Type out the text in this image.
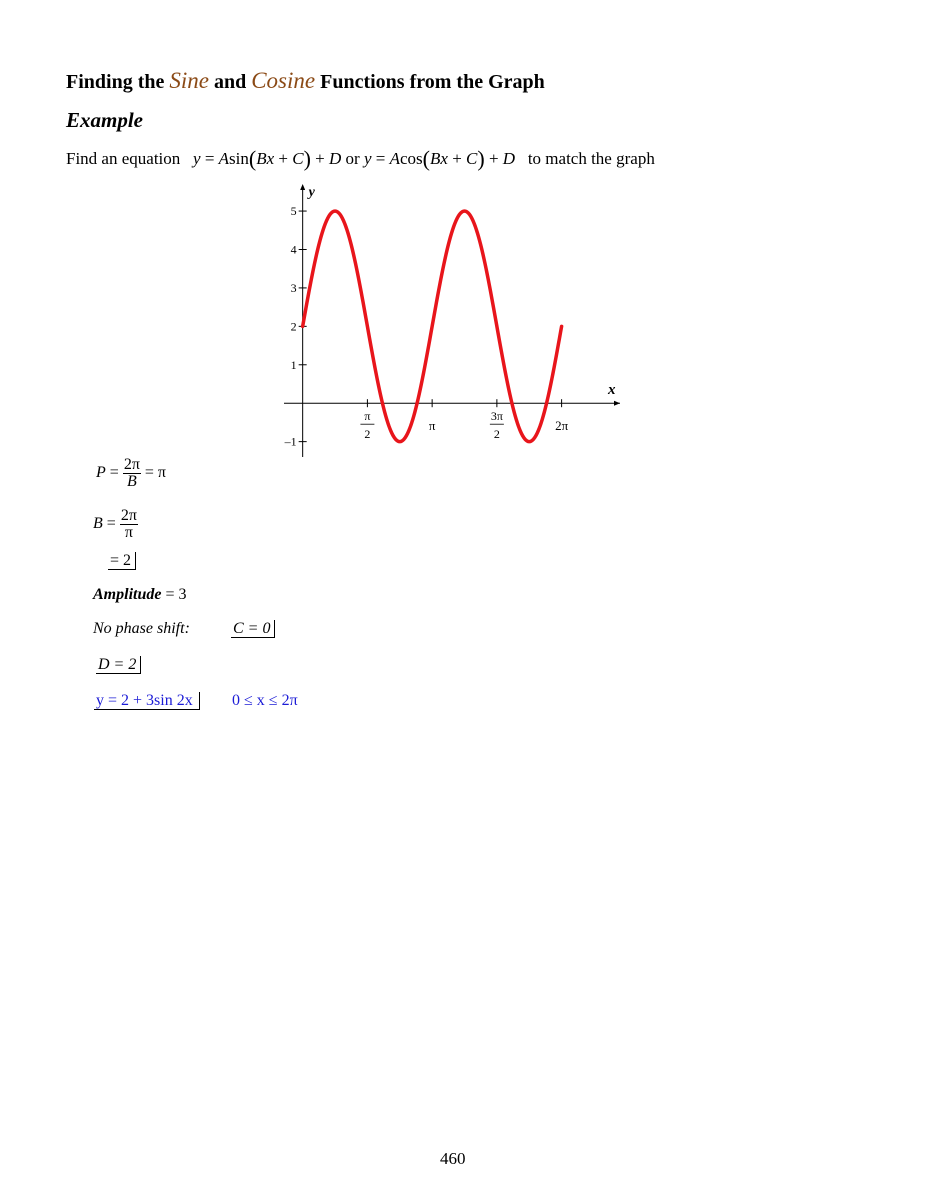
Finding the Sine and Cosine Functions from the Graph
Example
Find an equation y = Asin(Bx + C) + D or y = Acos(Bx + C) + D to match the graph
x
y
–1
1
2
3
4
5
π
2
π
3π
2
2π
$P = \frac{2\pi}{B} = \pi$
$B = \frac{2\pi}{\pi}$
= 2
Amplitude = 3
No phase shift:	C = 0
D = 2
y = 2 + 3sin 2x	0 ≤ x ≤ 2π
460
